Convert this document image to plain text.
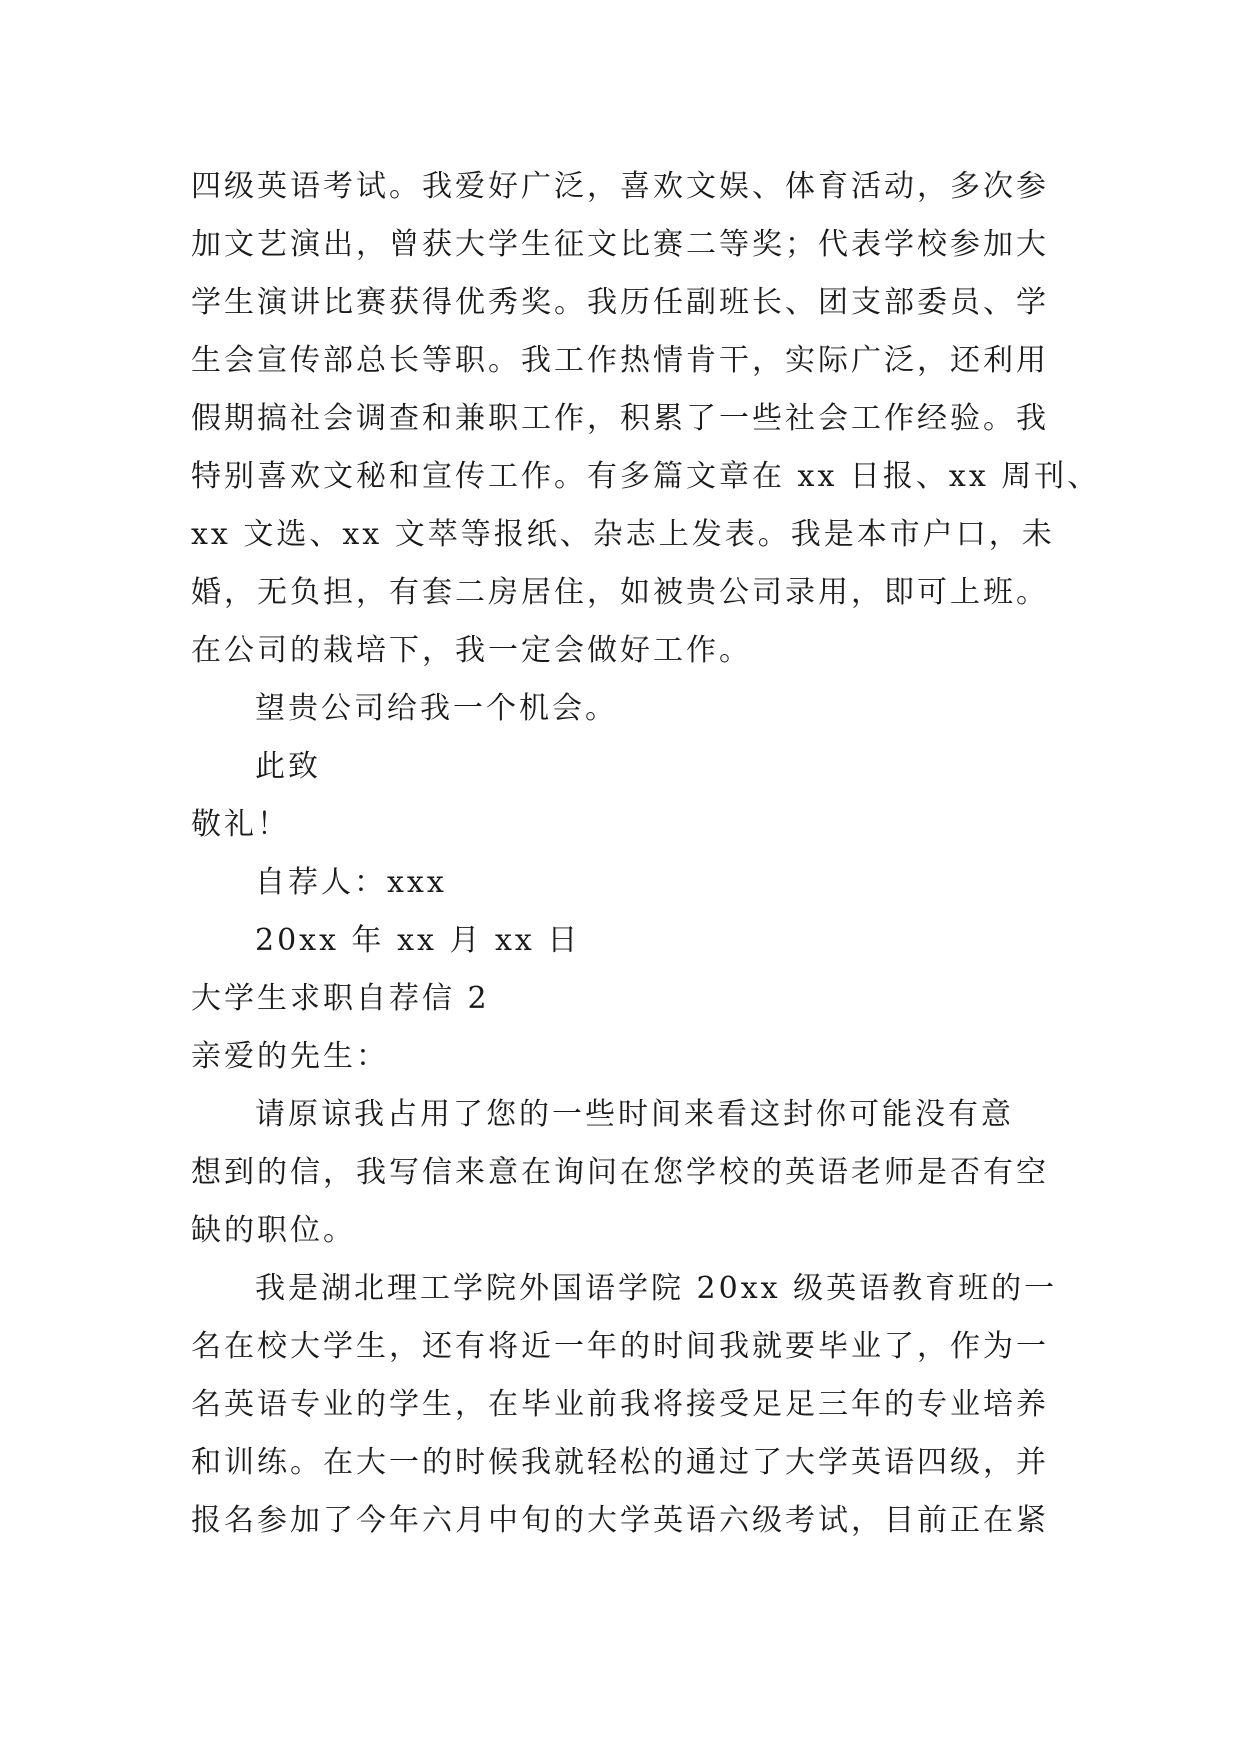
四级英语考试。我爱好广泛，喜欢文娱、体育活动，多次参
加文艺演出，曾获大学生征文比赛二等奖；代表学校参加大
学生演讲比赛获得优秀奖。我历任副班长、团支部委员、学
生会宣传部总长等职。我工作热情肯干，实际广泛，还利用
假期搞社会调查和兼职工作，积累了一些社会工作经验。我
特别喜欢文秘和宣传工作。有多篇文章在 xx 日报、xx 周刊、
xx 文选、xx 文萃等报纸、杂志上发表。我是本市户口，未
婚，无负担，有套二房居住，如被贵公司录用，即可上班。
在公司的栽培下，我一定会做好工作。
望贵公司给我一个机会。
此致
敬礼！
自荐人：xxx
20xx 年 xx 月 xx 日
大学生求职自荐信 2
亲爱的先生：
请原谅我占用了您的一些时间来看这封你可能没有意
想到的信，我写信来意在询问在您学校的英语老师是否有空
缺的职位。
我是湖北理工学院外国语学院 20xx 级英语教育班的一
名在校大学生，还有将近一年的时间我就要毕业了，作为一
名英语专业的学生，在毕业前我将接受足足三年的专业培养
和训练。在大一的时候我就轻松的通过了大学英语四级，并
报名参加了今年六月中旬的大学英语六级考试，目前正在紧
